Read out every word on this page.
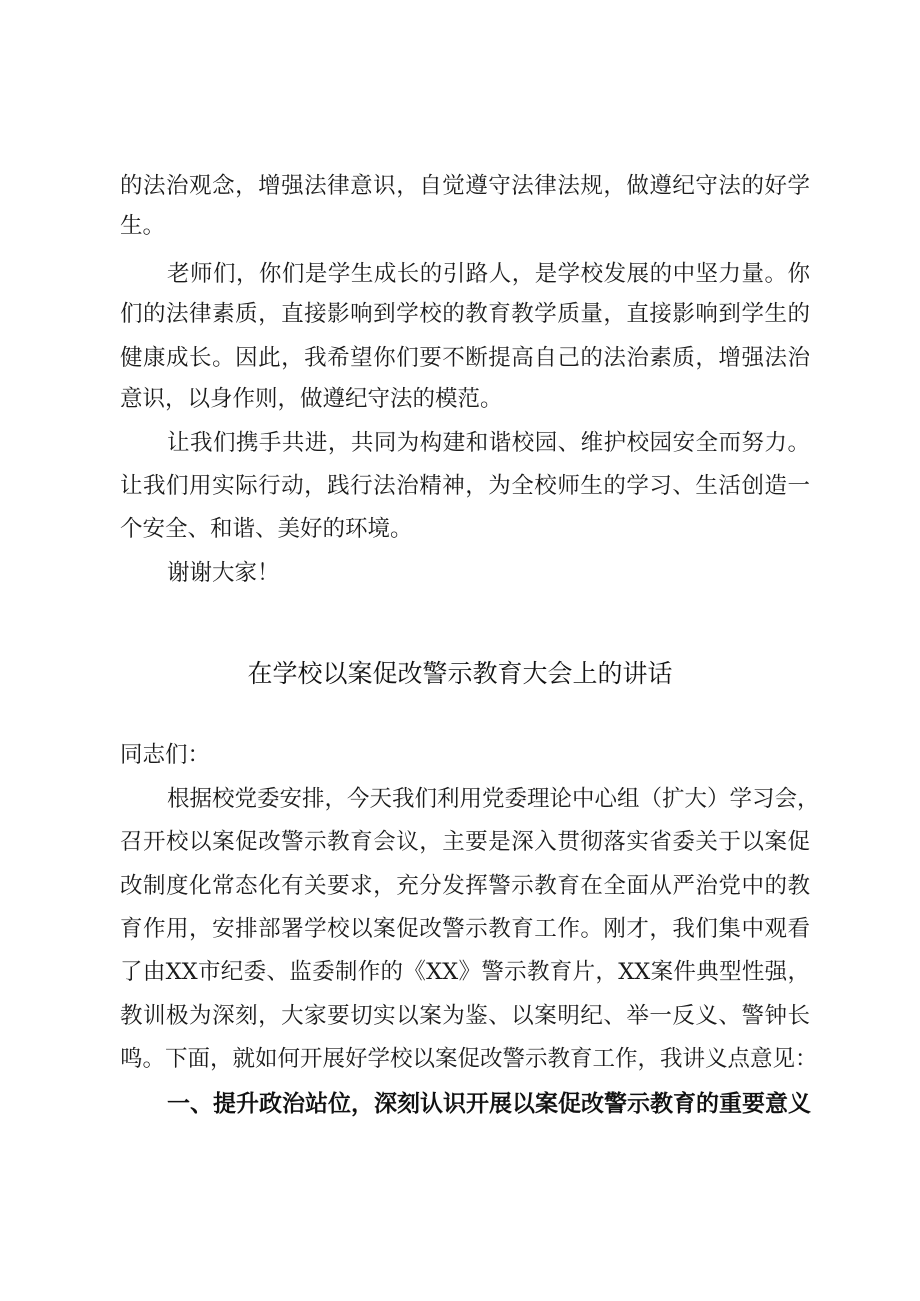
的法治观念，增强法律意识，自觉遵守法律法规，做遵纪守法的好学
生。
老师们，你们是学生成长的引路人，是学校发展的中坚力量。你
们的法律素质，直接影响到学校的教育教学质量，直接影响到学生的
健康成长。因此，我希望你们要不断提高自己的法治素质，增强法治
意识，以身作则，做遵纪守法的模范。
让我们携手共进，共同为构建和谐校园、维护校园安全而努力。
让我们用实际行动，践行法治精神，为全校师生的学习、生活创造一
个安全、和谐、美好的环境。
谢谢大家！
在学校以案促改警示教育大会上的讲话
同志们：
根据校党委安排，今天我们利用党委理论中心组（扩大）学习会，
召开校以案促改警示教育会议，主要是深入贯彻落实省委关于以案促
改制度化常态化有关要求，充分发挥警示教育在全面从严治党中的教
育作用，安排部署学校以案促改警示教育工作。刚才，我们集中观看
了由XX市纪委、监委制作的《XX》警示教育片，XX案件典型性强，
教训极为深刻，大家要切实以案为鉴、以案明纪、举一反义、警钟长
鸣。下面，就如何开展好学校以案促改警示教育工作，我讲义点意见：
一、提升政治站位，深刻认识开展以案促改警示教育的重要意义
